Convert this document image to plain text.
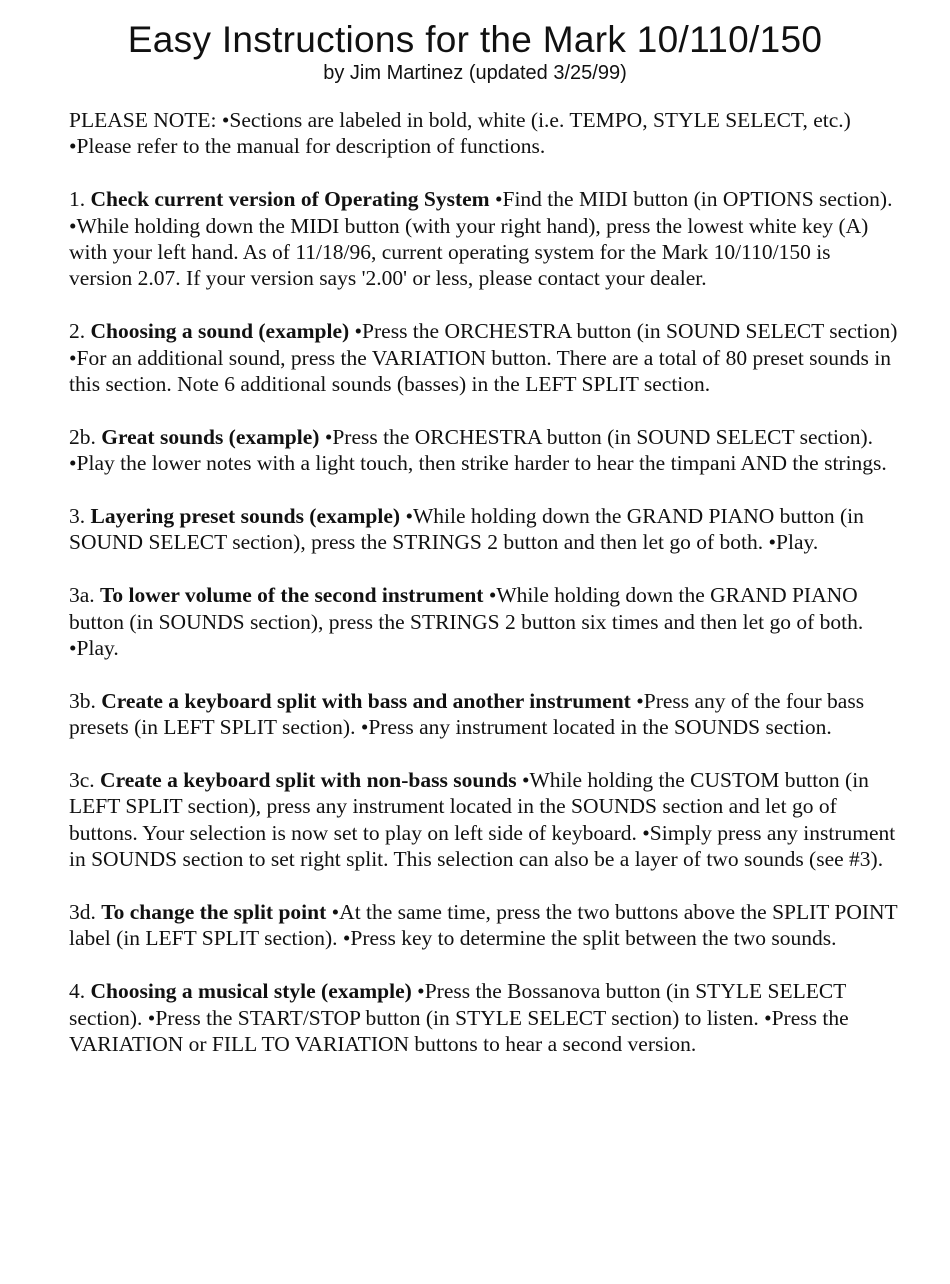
Easy Instructions for the Mark 10/110/150
by Jim Martinez (updated 3/25/99)

PLEASE NOTE: •Sections are labeled in bold, white (i.e. TEMPO, STYLE SELECT, etc.) •Please refer to the manual for description of functions.

1. Check current version of Operating System •Find the MIDI button (in OPTIONS section). •While holding down the MIDI button (with your right hand), press the lowest white key (A) with your left hand. As of 11/18/96, current operating system for the Mark 10/110/150 is version 2.07. If your version says '2.00' or less, please contact your dealer.

2. Choosing a sound (example) •Press the ORCHESTRA button (in SOUND SELECT section) •For an additional sound, press the VARIATION button. There are a total of 80 preset sounds in this section. Note 6 additional sounds (basses) in the LEFT SPLIT section.

2b. Great sounds (example) •Press the ORCHESTRA button (in SOUND SELECT section). •Play the lower notes with a light touch, then strike harder to hear the timpani AND the strings.

3. Layering preset sounds (example) •While holding down the GRAND PIANO button (in SOUND SELECT section), press the STRINGS 2 button and then let go of both. •Play.

3a. To lower volume of the second instrument •While holding down the GRAND PIANO button (in SOUNDS section), press the STRINGS 2 button six times and then let go of both. •Play.

3b. Create a keyboard split with bass and another instrument •Press any of the four bass presets (in LEFT SPLIT section). •Press any instrument located in the SOUNDS section.

3c. Create a keyboard split with non-bass sounds •While holding the CUSTOM button (in LEFT SPLIT section), press any instrument located in the SOUNDS section and let go of buttons. Your selection is now set to play on left side of keyboard. •Simply press any instrument in SOUNDS section to set right split. This selection can also be a layer of two sounds (see #3).

3d. To change the split point •At the same time, press the two buttons above the SPLIT POINT label (in LEFT SPLIT section). •Press key to determine the split between the two sounds.

4. Choosing a musical style (example) •Press the Bossanova button (in STYLE SELECT section). •Press the START/STOP button (in STYLE SELECT section) to listen. •Press the VARIATION or FILL TO VARIATION buttons to hear a second version.
